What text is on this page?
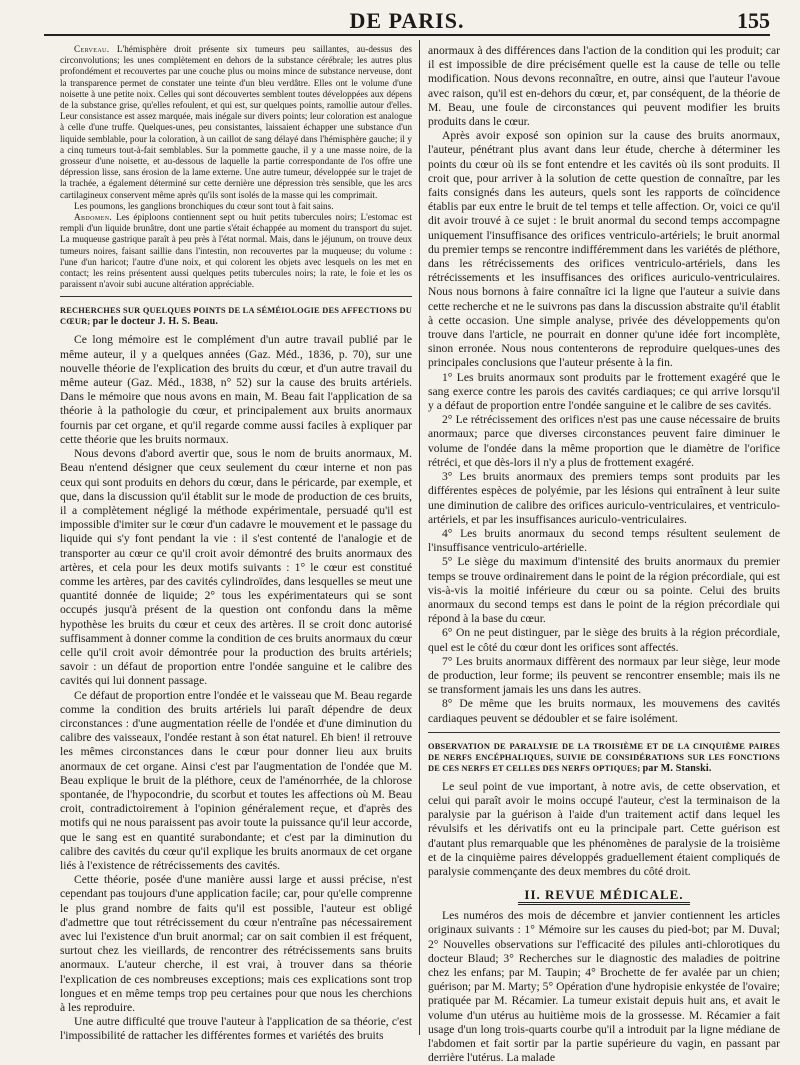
DE PARIS.	155

Cerveau. L'hémisphère droit présente six tumeurs peu saillantes, au-dessus des circonvolutions; les unes complètement en dehors de la substance cérébrale; les autres plus profondément et recouvertes par une couche plus ou moins mince de substance nerveuse, dont la transparence permet de constater une teinte d'un bleu verdâtre. Elles ont le volume d'une noisette à une petite noix. Celles qui sont découvertes semblent toutes développées aux dépens de la substance grise, qu'elles refoulent, et qui est, sur quelques points, ramollie autour d'elles. Leur consistance est assez marquée, mais inégale sur divers points; leur coloration est analogue à celle d'une truffe. Quelques-unes, peu consistantes, laissaient échapper une substance d'un liquide semblable, pour la coloration, à un caillot de sang délayé dans l'hémisphère gauche; il y a cinq tumeurs tout-à-fait semblables. Sur la pommette gauche, il y a une masse noire, de la grosseur d'une noisette, et au-dessous de laquelle la partie correspondante de l'os offre une dépression lisse, sans érosion de la lame externe. Une autre tumeur, développée sur le trajet de la trachée, a également déterminé sur cette dernière une dépression très sensible, que les arcs cartilagineux conservent même après qu'ils sont isolés de la masse qui les comprimait.

Les poumons, les ganglions bronchiques du cœur sont tout à fait sains.

Abdomen. Les épiploons contiennent sept ou huit petits tubercules noirs; L'estomac est rempli d'un liquide brunâtre, dont une partie s'était échappée au moment du transport du sujet. La muqueuse gastrique paraît à peu près à l'état normal. Mais, dans le jéjunum, on trouve deux tumeurs noires, faisant saillie dans l'intestin, non recouvertes par la muqueuse; du volume : l'une d'un haricot; l'autre d'une noix, et qui colorent les objets avec lesquels on les met en contact; les reins présentent aussi quelques petits tubercules noirs; la rate, le foie et les os paraissent n'avoir subi aucune altération appréciable.

RECHERCHES SUR QUELQUES POINTS DE LA SÉMÉIOLOGIE DES AFFECTIONS DU CŒUR; par le docteur J. H. S. Beau.

Ce long mémoire est le complément d'un autre travail publié par le même auteur, il y a quelques années (Gaz. Méd., 1836, p. 70), sur une nouvelle théorie de l'explication des bruits du cœur, et d'un autre travail du même auteur (Gaz. Méd., 1838, n° 52) sur la cause des bruits artériels. Dans le mémoire que nous avons en main, M. Beau fait l'application de sa théorie à la pathologie du cœur, et principalement aux bruits anormaux fournis par cet organe, et qu'il regarde comme aussi faciles à expliquer par cette théorie que les bruits normaux.

Nous devons d'abord avertir que, sous le nom de bruits anormaux, M. Beau n'entend désigner que ceux seulement du cœur interne et non pas ceux qui sont produits en dehors du cœur, dans le péricarde, par exemple, et que, dans la discussion qu'il établit sur le mode de production de ces bruits, il a complètement négligé la méthode expérimentale, persuadé qu'il est impossible d'imiter sur le cœur d'un cadavre le mouvement et le passage du liquide qui s'y font pendant la vie : il s'est contenté de l'analogie et de transporter au cœur ce qu'il croit avoir démontré des bruits anormaux des artères, et cela pour les deux motifs suivants : 1° le cœur est constitué comme les artères, par des cavités cylindroïdes, dans lesquelles se meut une quantité donnée de liquide; 2° tous les expérimentateurs qui se sont occupés jusqu'à présent de la question ont confondu dans la même hypothèse les bruits du cœur et ceux des artères. Il se croit donc autorisé suffisamment à donner comme la condition de ces bruits anormaux du cœur celle qu'il croit avoir démontrée pour la production des bruits artériels; savoir : un défaut de proportion entre l'ondée sanguine et le calibre des cavités qui lui donnent passage.

Ce défaut de proportion entre l'ondée et le vaisseau que M. Beau regarde comme la condition des bruits artériels lui paraît dépendre de deux circonstances : d'une augmentation réelle de l'ondée et d'une diminution du calibre des vaisseaux, l'ondée restant à son état naturel. Eh bien! il retrouve les mêmes circonstances dans le cœur pour donner lieu aux bruits anormaux de cet organe. Ainsi c'est par l'augmentation de l'ondée que M. Beau explique le bruit de la pléthore, ceux de l'aménorrhée, de la chlorose spontanée, de l'hypocondrie, du scorbut et toutes les affections où M. Beau croit, contradictoirement à l'opinion généralement reçue, et d'après des motifs qui ne nous paraissent pas avoir toute la puissance qu'il leur accorde, que le sang est en quantité surabondante; et c'est par la diminution du calibre des cavités du cœur qu'il explique les bruits anormaux de cet organe liés à l'existence de rétrécissements des cavités.

Cette théorie, posée d'une manière aussi large et aussi précise, n'est cependant pas toujours d'une application facile; car, pour qu'elle comprenne le plus grand nombre de faits qu'il est possible, l'auteur est obligé d'admettre que tout rétrécissement du cœur n'entraîne pas nécessairement avec lui l'existence d'un bruit anormal; car on sait combien il est fréquent, surtout chez les vieillards, de rencontrer des rétrécissements sans bruits anormaux. L'auteur cherche, il est vrai, à trouver dans sa théorie l'explication de ces nombreuses exceptions; mais ces explications sont trop longues et en même temps trop peu certaines pour que nous les cherchions à les reproduire.

Une autre difficulté que trouve l'auteur à l'application de sa théorie, c'est l'impossibilité de rattacher les différentes formes et variétés des bruits

anormaux à des différences dans l'action de la condition qui les produit; car il est impossible de dire précisément quelle est la cause de telle ou telle modification. Nous devons reconnaître, en outre, ainsi que l'auteur l'avoue avec raison, qu'il est en-dehors du cœur, et, par conséquent, de la théorie de M. Beau, une foule de circonstances qui peuvent modifier les bruits produits dans le cœur.

Après avoir exposé son opinion sur la cause des bruits anormaux, l'auteur, pénétrant plus avant dans leur étude, cherche à déterminer les points du cœur où ils se font entendre et les cavités où ils sont produits. Il croit que, pour arriver à la solution de cette question de connaître, par les faits consignés dans les auteurs, quels sont les rapports de coïncidence établis par eux entre le bruit de tel temps et telle affection. Or, voici ce qu'il dit avoir trouvé à ce sujet : le bruit anormal du second temps accompagne uniquement l'insuffisance des orifices ventriculo-artériels; le bruit anormal du premier temps se rencontre indifféremment dans les variétés de pléthore, dans les rétrécissements des orifices ventriculo-artériels, dans les rétrécissements et les insuffisances des orifices auriculo-ventriculaires. Nous nous bornons à faire connaître ici la ligne que l'auteur a suivie dans cette recherche et ne le suivrons pas dans la discussion abstraite qu'il établit à cette occasion. Une simple analyse, privée des développements qu'on trouve dans l'article, ne pourrait en donner qu'une idée fort incomplète, sinon erronée. Nous nous contenterons de reproduire quelques-unes des principales conclusions que l'auteur présente à la fin.

1° Les bruits anormaux sont produits par le frottement exagéré que le sang exerce contre les parois des cavités cardiaques; ce qui arrive lorsqu'il y a défaut de proportion entre l'ondée sanguine et le calibre de ses cavités.

2° Le rétrécissement des orifices n'est pas une cause nécessaire de bruits anormaux; parce que diverses circonstances peuvent faire diminuer le volume de l'ondée dans la même proportion que le diamètre de l'orifice rétréci, et que dès-lors il n'y a plus de frottement exagéré.

3° Les bruits anormaux des premiers temps sont produits par les différentes espèces de polyémie, par les lésions qui entraînent à leur suite une diminution de calibre des orifices auriculo-ventriculaires, et ventriculo-artériels, et par les insuffisances auriculo-ventriculaires.

4° Les bruits anormaux du second temps résultent seulement de l'insuffisance ventriculo-artérielle.

5° Le siège du maximum d'intensité des bruits anormaux du premier temps se trouve ordinairement dans le point de la région précordiale, qui est vis-à-vis la moitié inférieure du cœur ou sa pointe. Celui des bruits anormaux du second temps est dans le point de la région précordiale qui répond à la base du cœur.

6° On ne peut distinguer, par le siège des bruits à la région précordiale, quel est le côté du cœur dont les orifices sont affectés.

7° Les bruits anormaux diffèrent des normaux par leur siège, leur mode de production, leur forme; ils peuvent se rencontrer ensemble; mais ils ne se transforment jamais les uns dans les autres.

8° De même que les bruits normaux, les mouvemens des cavités cardiaques peuvent se dédoubler et se faire isolément.

OBSERVATION DE PARALYSIE DE LA TROISIÈME ET DE LA CINQUIÈME PAIRES DE NERFS ENCÉPHALIQUES, SUIVIE DE CONSIDÉRATIONS SUR LES FONCTIONS DE CES NERFS ET CELLES DES NERFS OPTIQUES; par M. Stanski.

Le seul point de vue important, à notre avis, de cette observation, et celui qui paraît avoir le moins occupé l'auteur, c'est la terminaison de la paralysie par la guérison à l'aide d'un traitement actif dans lequel les révulsifs et les dérivatifs ont eu la principale part. Cette guérison est d'autant plus remarquable que les phénomènes de paralysie de la troisième et de la cinquième paires développés graduellement étaient compliqués de paralysie commençante des deux membres du côté droit.

II. REVUE MÉDICALE.

Les numéros des mois de décembre et janvier contiennent les articles originaux suivants : 1° Mémoire sur les causes du pied-bot; par M. Duval; 2° Nouvelles observations sur l'efficacité des pilules anti-chlorotiques du docteur Blaud; 3° Recherches sur le diagnostic des maladies de poitrine chez les enfans; par M. Taupin; 4° Brochette de fer avalée par un chien; guérison; par M. Marty; 5° Opération d'une hydropisie enkystée de l'ovaire; pratiquée par M. Récamier. La tumeur existait depuis huit ans, et avait le volume d'un utérus au huitième mois de la grossesse. M. Récamier a fait usage d'un long trois-quarts courbe qu'il a introduit par la ligne médiane de l'abdomen et fait sortir par la partie supérieure du vagin, en passant par derrière l'utérus. La malade
